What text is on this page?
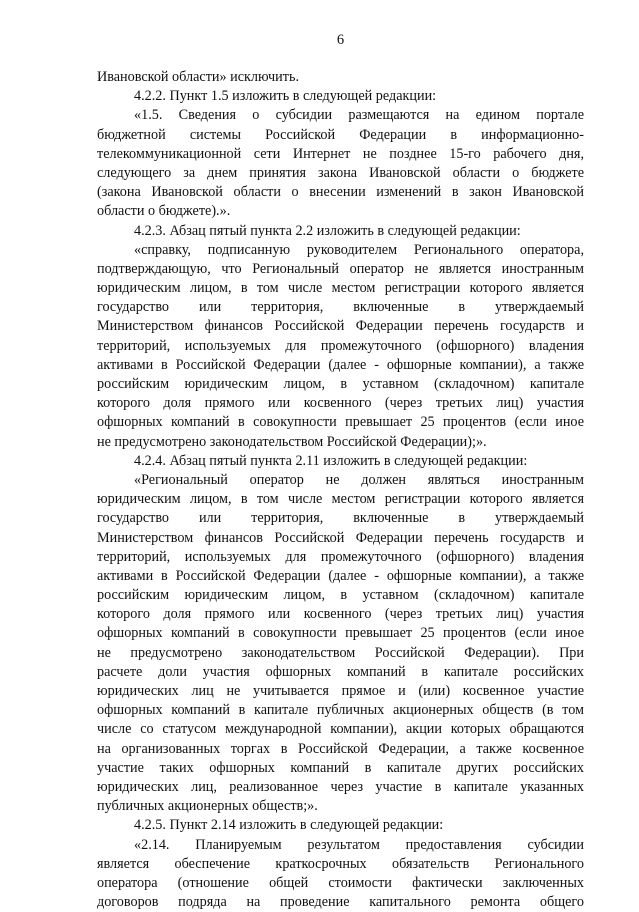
6
Ивановской области» исключить.
4.2.2. Пункт 1.5 изложить в следующей редакции:
«1.5. Сведения о субсидии размещаются на едином портале
бюджетной системы Российской Федерации в информационно-
телекоммуникационной сети Интернет не позднее 15-го рабочего дня,
следующего за днем принятия закона Ивановской области о бюджете
(закона Ивановской области о внесении изменений в закон Ивановской
области о бюджете).».
4.2.3. Абзац пятый пункта 2.2 изложить в следующей редакции:
«справку, подписанную руководителем Регионального оператора,
подтверждающую, что Региональный оператор не является иностранным
юридическим лицом, в том числе местом регистрации которого является
государство или территория, включенные в утверждаемый
Министерством финансов Российской Федерации перечень государств и
территорий, используемых для промежуточного (офшорного) владения
активами в Российской Федерации (далее - офшорные компании), а также
российским юридическим лицом, в уставном (складочном) капитале
которого доля прямого или косвенного (через третьих лиц) участия
офшорных компаний в совокупности превышает 25 процентов (если иное
не предусмотрено законодательством Российской Федерации);».
4.2.4. Абзац пятый пункта 2.11 изложить в следующей редакции:
«Региональный оператор не должен являться иностранным
юридическим лицом, в том числе местом регистрации которого является
государство или территория, включенные в утверждаемый
Министерством финансов Российской Федерации перечень государств и
территорий, используемых для промежуточного (офшорного) владения
активами в Российской Федерации (далее - офшорные компании), а также
российским юридическим лицом, в уставном (складочном) капитале
которого доля прямого или косвенного (через третьих лиц) участия
офшорных компаний в совокупности превышает 25 процентов (если иное
не предусмотрено законодательством Российской Федерации). При
расчете доли участия офшорных компаний в капитале российских
юридических лиц не учитывается прямое и (или) косвенное участие
офшорных компаний в капитале публичных акционерных обществ (в том
числе со статусом международной компании), акции которых обращаются
на организованных торгах в Российской Федерации, а также косвенное
участие таких офшорных компаний в капитале других российских
юридических лиц, реализованное через участие в капитале указанных
публичных акционерных обществ;».
4.2.5. Пункт 2.14 изложить в следующей редакции:
«2.14. Планируемым результатом предоставления субсидии
является обеспечение краткосрочных обязательств Регионального
оператора (отношение общей стоимости фактически заключенных
договоров подряда на проведение капитального ремонта общего
